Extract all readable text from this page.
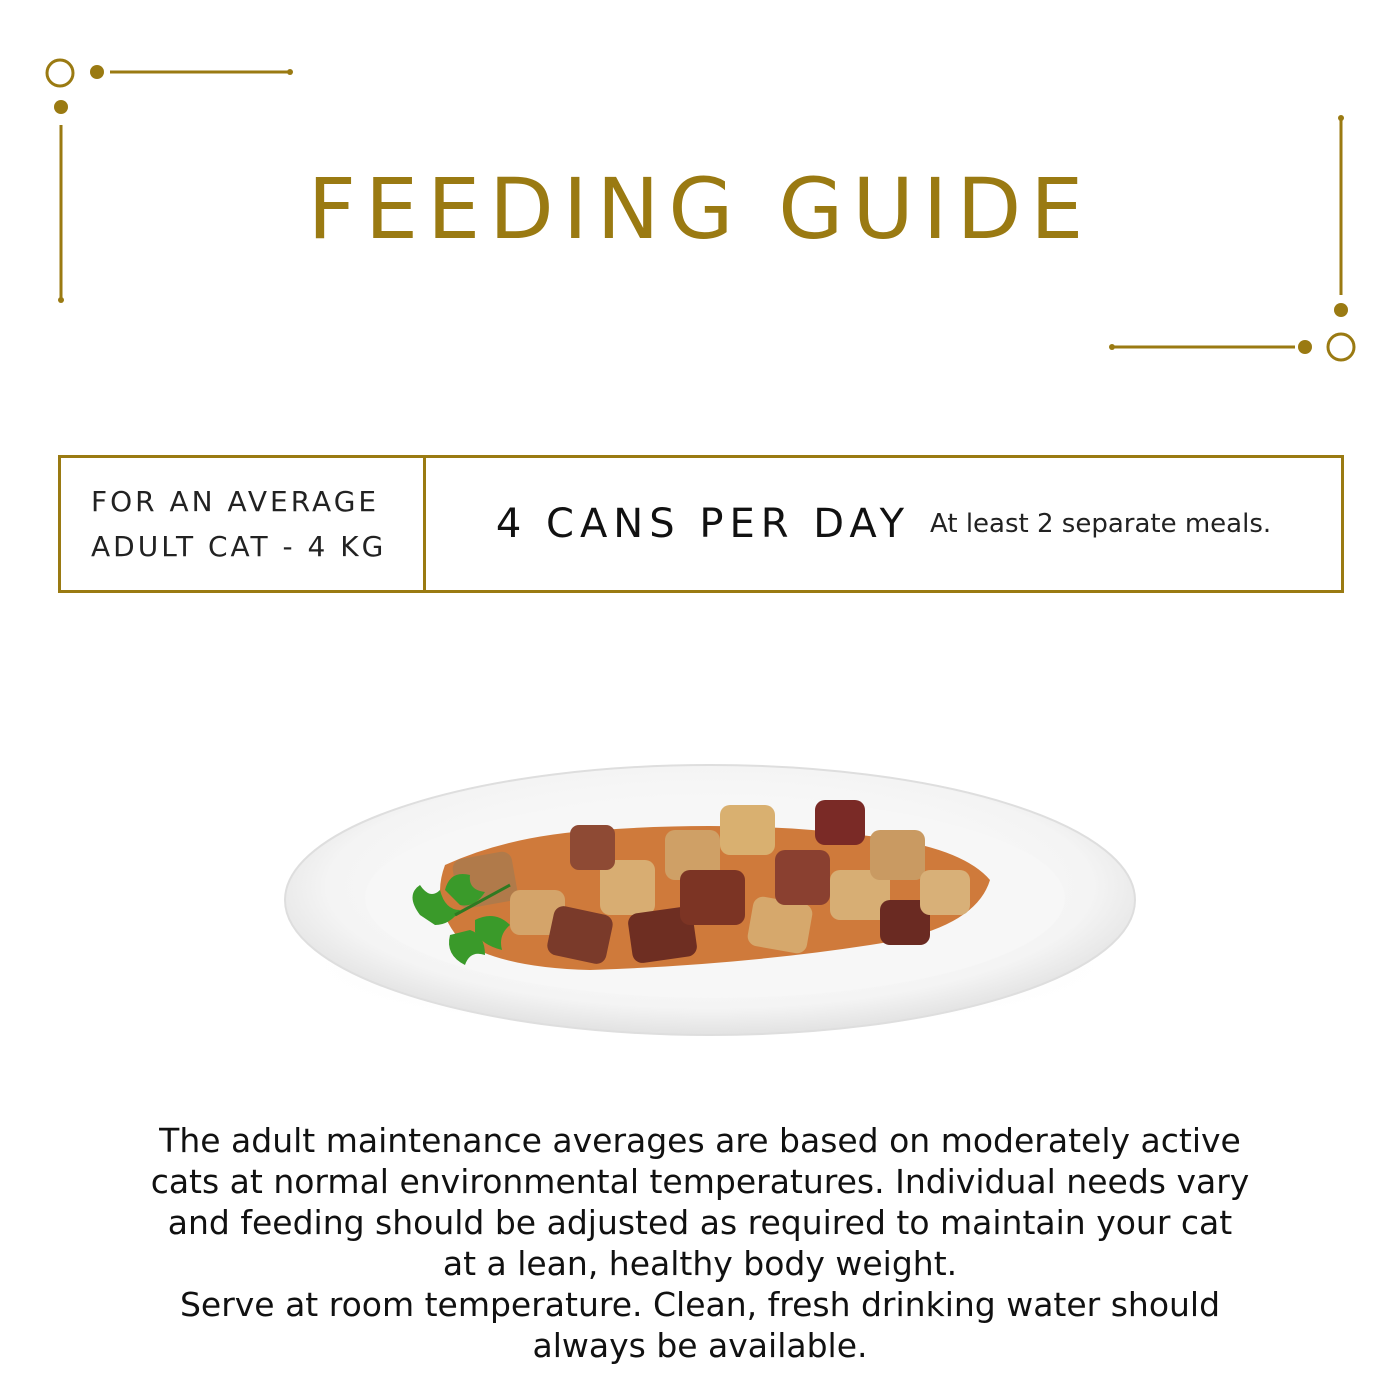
FEEDING GUIDE
FOR AN AVERAGE
ADULT CAT - 4 KG	4 CANS PER DAY At least 2 separate meals.

The adult maintenance averages are based on moderately active cats at normal environmental temperatures. Individual needs vary and feeding should be adjusted as required to maintain your cat at a lean, healthy body weight.
Serve at room temperature. Clean, fresh drinking water should always be available.
